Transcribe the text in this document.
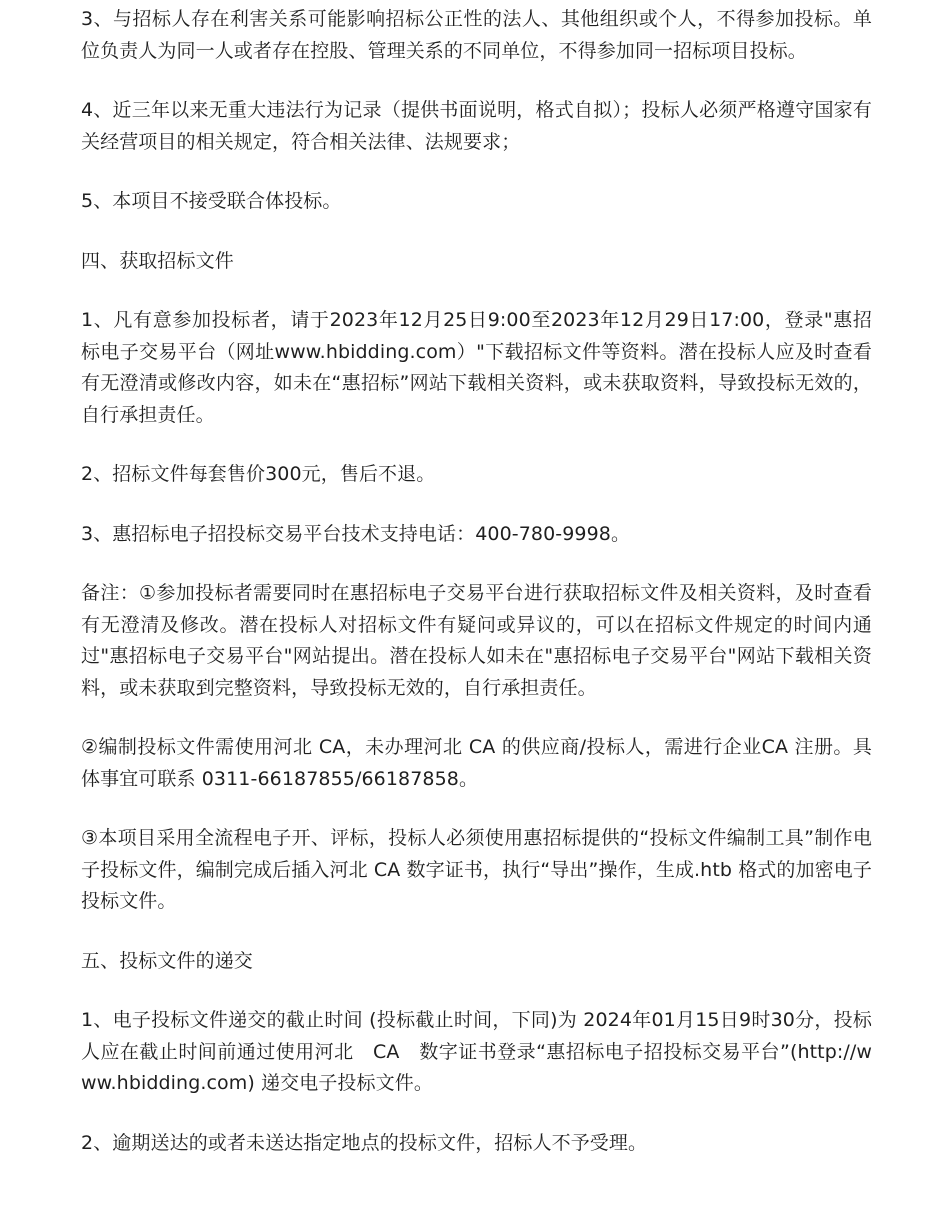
3、与招标人存在利害关系可能影响招标公正性的法人、其他组织或个人，不得参加投标。单位负责人为同一人或者存在控股、管理关系的不同单位，不得参加同一招标项目投标。

4、近三年以来无重大违法行为记录（提供书面说明，格式自拟）；投标人必须严格遵守国家有关经营项目的相关规定，符合相关法律、法规要求；

5、本项目不接受联合体投标。

四、获取招标文件

1、凡有意参加投标者，请于2023年12月25日9:00至2023年12月29日17:00，登录"惠招标电子交易平台（网址www.hbidding.com）"下载招标文件等资料。潜在投标人应及时查看有无澄清或修改内容，如未在“惠招标”网站下载相关资料，或未获取资料，导致投标无效的，自行承担责任。

2、招标文件每套售价300元，售后不退。

3、惠招标电子招投标交易平台技术支持电话：400-780-9998。

备注：①参加投标者需要同时在惠招标电子交易平台进行获取招标文件及相关资料，及时查看有无澄清及修改。潜在投标人对招标文件有疑问或异议的，可以在招标文件规定的时间内通过"惠招标电子交易平台"网站提出。潜在投标人如未在"惠招标电子交易平台"网站下载相关资料，或未获取到完整资料，导致投标无效的，自行承担责任。

②编制投标文件需使用河北 CA，未办理河北 CA 的供应商/投标人，需进行企业CA 注册。具体事宜可联系 0311-66187855/66187858。

③本项目采用全流程电子开、评标，投标人必须使用惠招标提供的“投标文件编制工具”制作电子投标文件，编制完成后插入河北 CA 数字证书，执行“导出”操作，生成.htb 格式的加密电子投标文件。

五、投标文件的递交

1、电子投标文件递交的截止时间 (投标截止时间，下同)为 2024年01月15日9时30分，投标人应在截止时间前通过使用河北　CA　数字证书登录“惠招标电子招投标交易平台”(http://www.hbidding.com) 递交电子投标文件。

2、逾期送达的或者未送达指定地点的投标文件，招标人不予受理。
